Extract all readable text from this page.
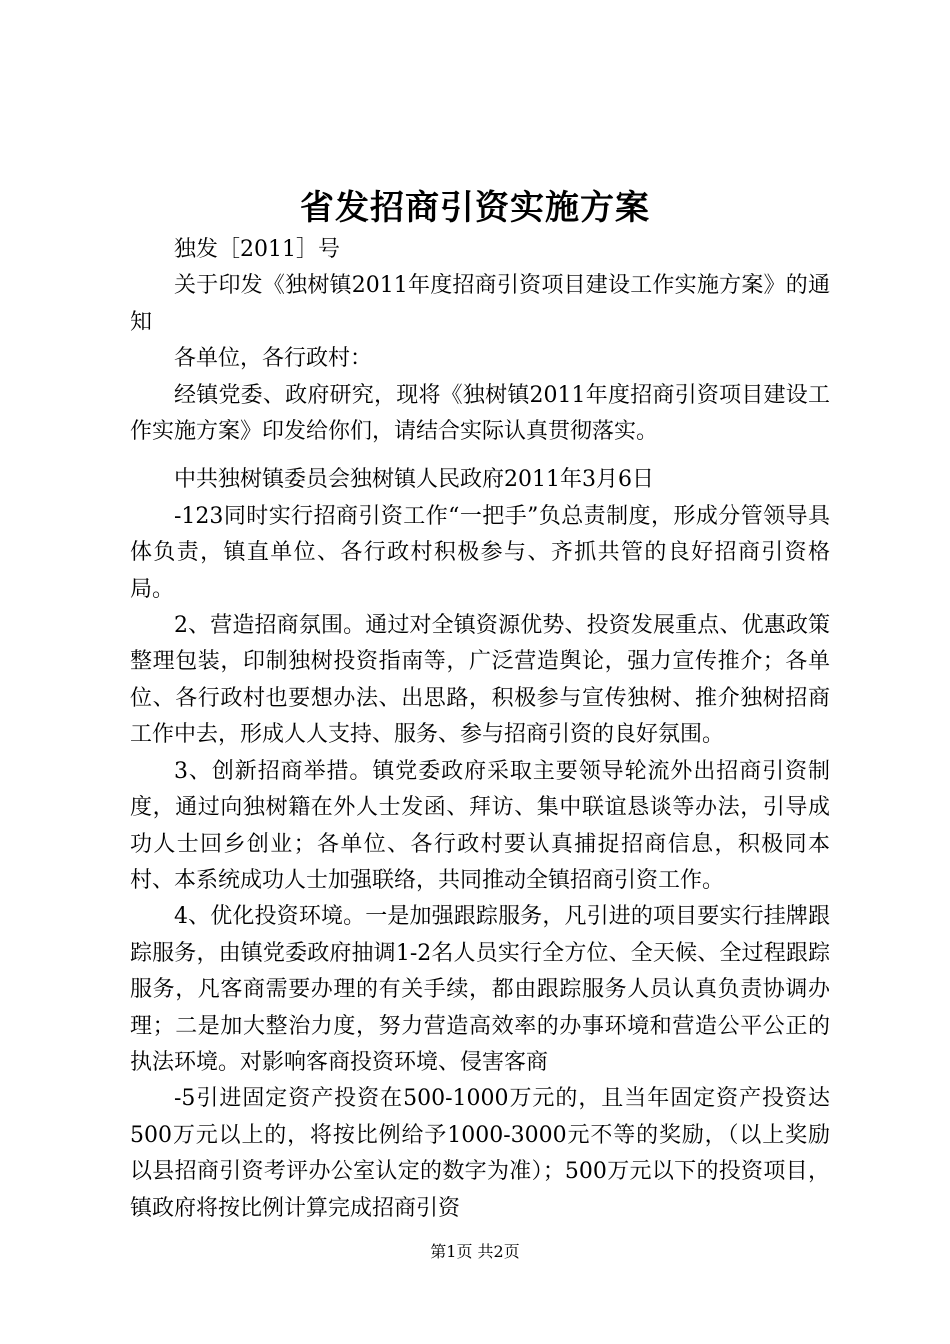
省发招商引资实施方案

独发［2011］号

关于印发《独树镇2011年度招商引资项目建设工作实施方案》的通知

各单位，各行政村：

经镇党委、政府研究，现将《独树镇2011年度招商引资项目建设工作实施方案》印发给你们，请结合实际认真贯彻落实。

中共独树镇委员会独树镇人民政府2011年3月6日

-123同时实行招商引资工作“一把手”负总责制度，形成分管领导具体负责，镇直单位、各行政村积极参与、齐抓共管的良好招商引资格局。

2、营造招商氛围。通过对全镇资源优势、投资发展重点、优惠政策整理包装，印制独树投资指南等，广泛营造舆论，强力宣传推介；各单位、各行政村也要想办法、出思路，积极参与宣传独树、推介独树招商工作中去，形成人人支持、服务、参与招商引资的良好氛围。

3、创新招商举措。镇党委政府采取主要领导轮流外出招商引资制度，通过向独树籍在外人士发函、拜访、集中联谊恳谈等办法，引导成功人士回乡创业；各单位、各行政村要认真捕捉招商信息，积极同本村、本系统成功人士加强联络，共同推动全镇招商引资工作。

4、优化投资环境。一是加强跟踪服务，凡引进的项目要实行挂牌跟踪服务，由镇党委政府抽调1-2名人员实行全方位、全天候、全过程跟踪服务，凡客商需要办理的有关手续，都由跟踪服务人员认真负责协调办理；二是加大整治力度，努力营造高效率的办事环境和营造公平公正的执法环境。对影响客商投资环境、侵害客商

-5引进固定资产投资在500-1000万元的，且当年固定资产投资达500万元以上的，将按比例给予1000-3000元不等的奖励，（以上奖励以县招商引资考评办公室认定的数字为准）；500万元以下的投资项目，镇政府将按比例计算完成招商引资

第1页 共2页
